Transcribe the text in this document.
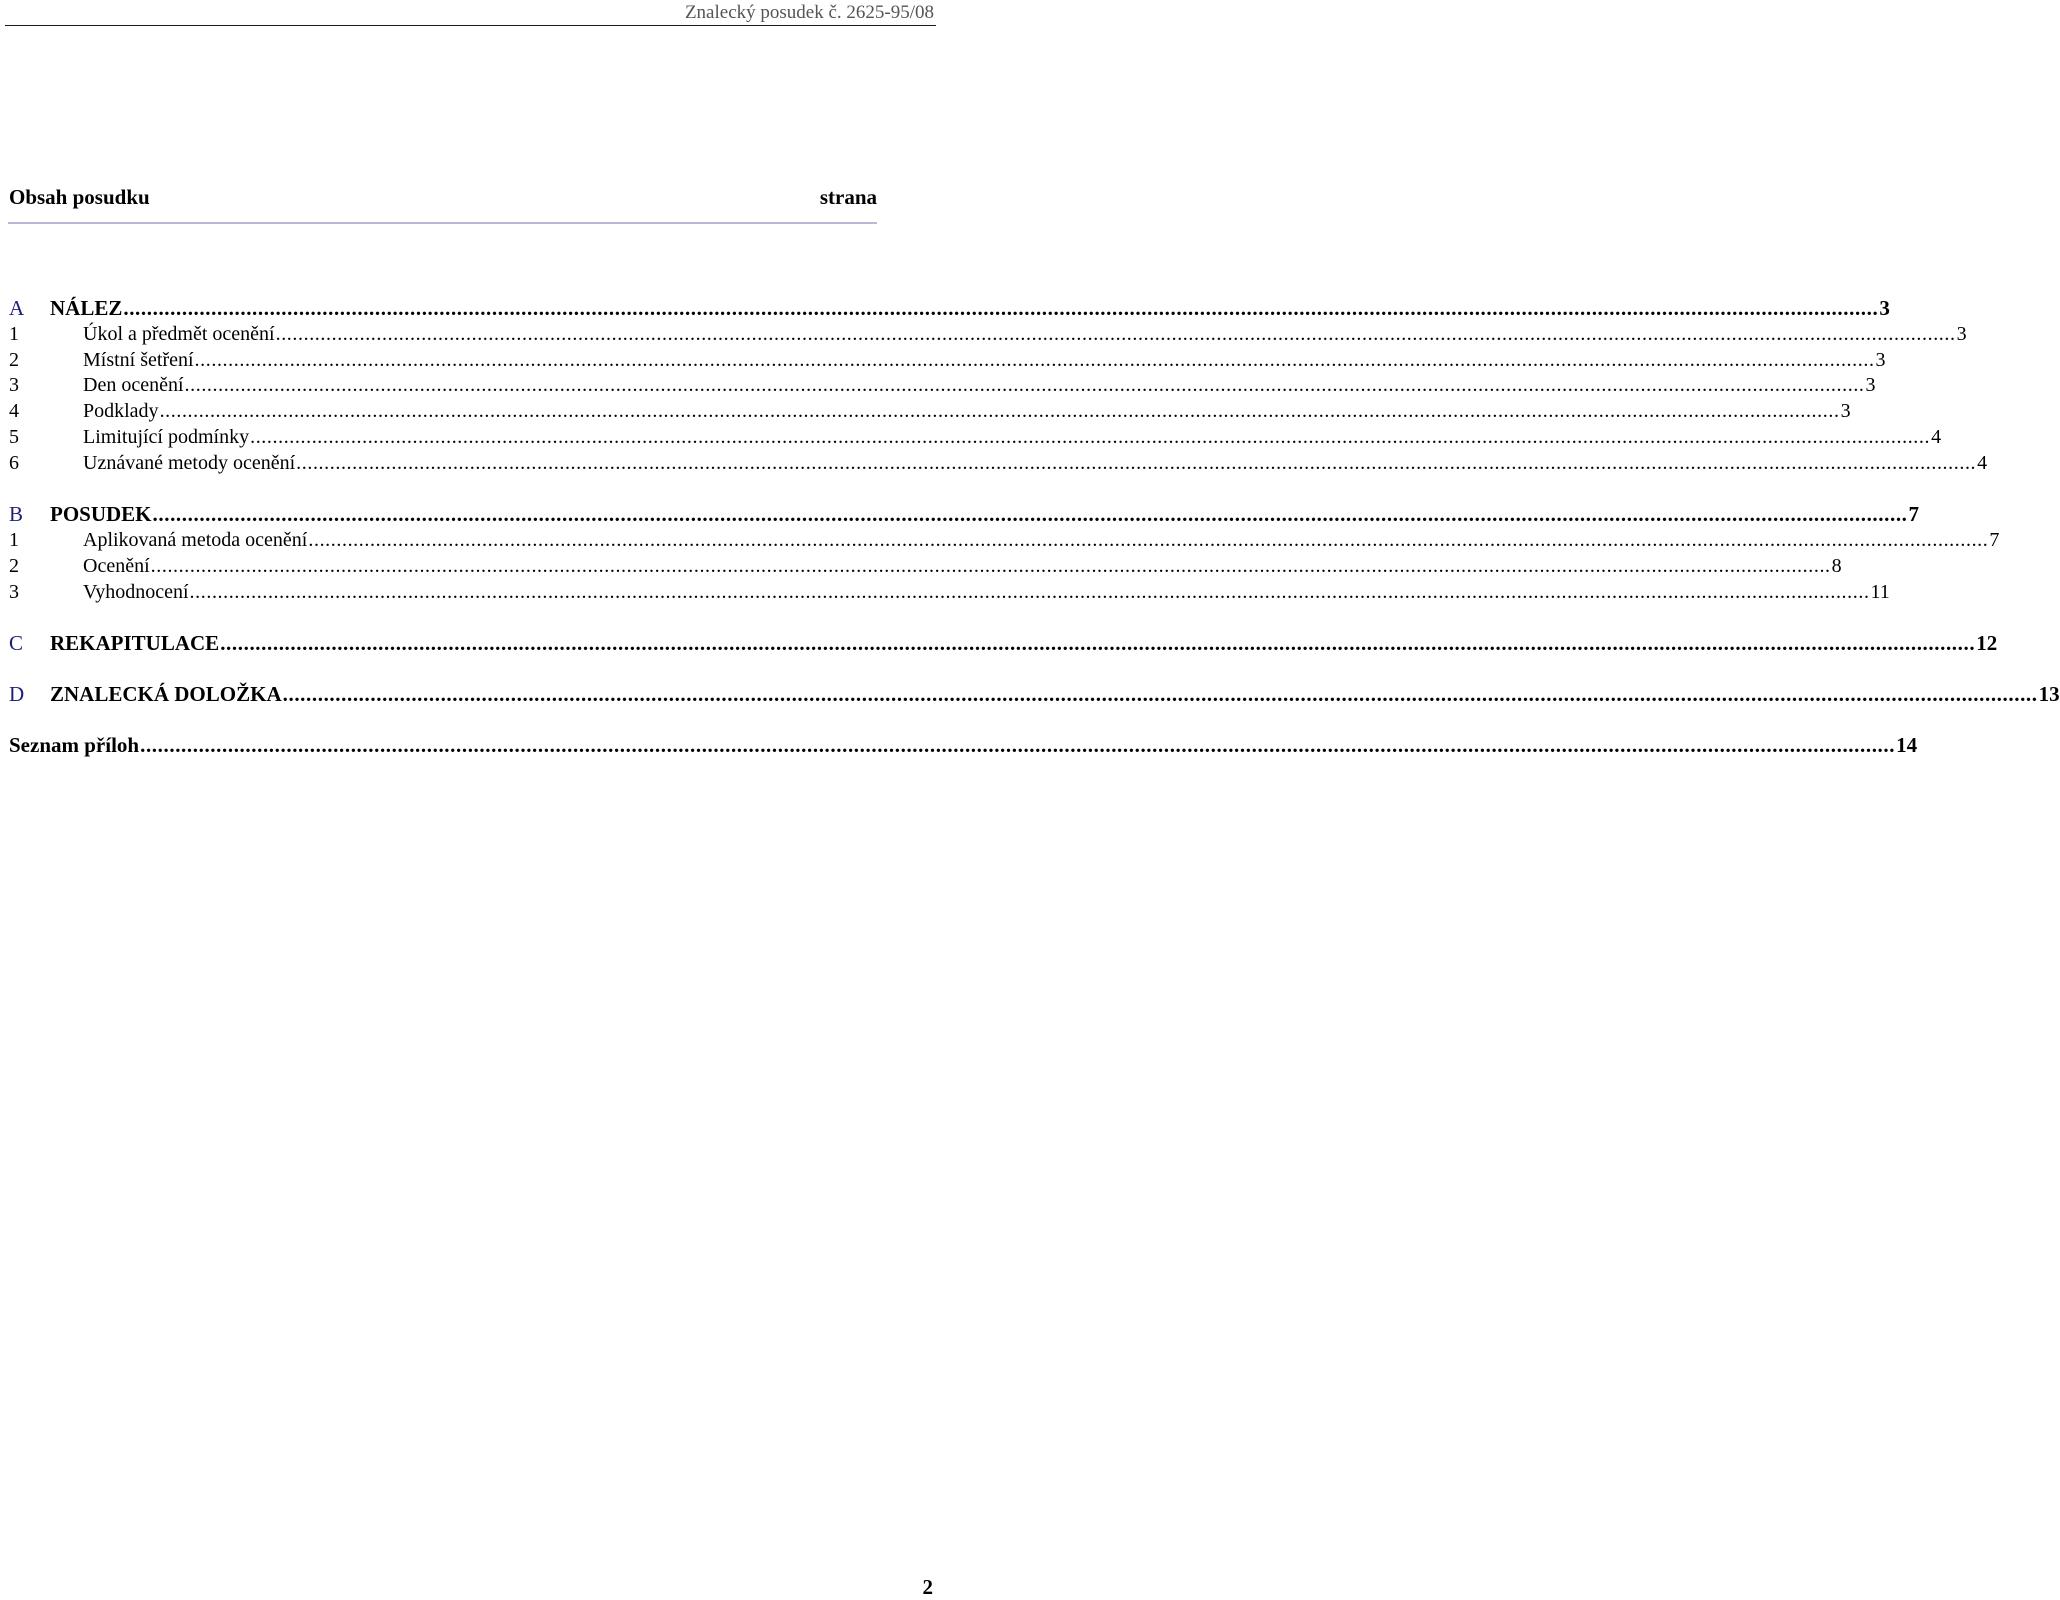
Znalecký posudek č. 2625-95/08
Obsah posudku	strana
A	NÁLEZ ............................................................................................................................................................................................................................................................................................................ 3
1	Úkol a předmět ocenění ............................................................................................................................................................................................................................................................................................................ 3
2	Místní šetření ............................................................................................................................................................................................................................................................................................................ 3
3	Den ocenění ............................................................................................................................................................................................................................................................................................................ 3
4	Podklady ............................................................................................................................................................................................................................................................................................................ 3
5	Limitující podmínky ............................................................................................................................................................................................................................................................................................................ 4
6	Uznávané metody ocenění ............................................................................................................................................................................................................................................................................................................ 4
B	POSUDEK ............................................................................................................................................................................................................................................................................................................ 7
1	Aplikovaná metoda ocenění ............................................................................................................................................................................................................................................................................................................ 7
2	Ocenění ............................................................................................................................................................................................................................................................................................................ 8
3	Vyhodnocení ............................................................................................................................................................................................................................................................................................................ 11
C	REKAPITULACE ............................................................................................................................................................................................................................................................................................................ 12
D	ZNALECKÁ DOLOŽKA ............................................................................................................................................................................................................................................................................................................ 13
Seznam příloh ............................................................................................................................................................................................................................................................................................................ 14
2
